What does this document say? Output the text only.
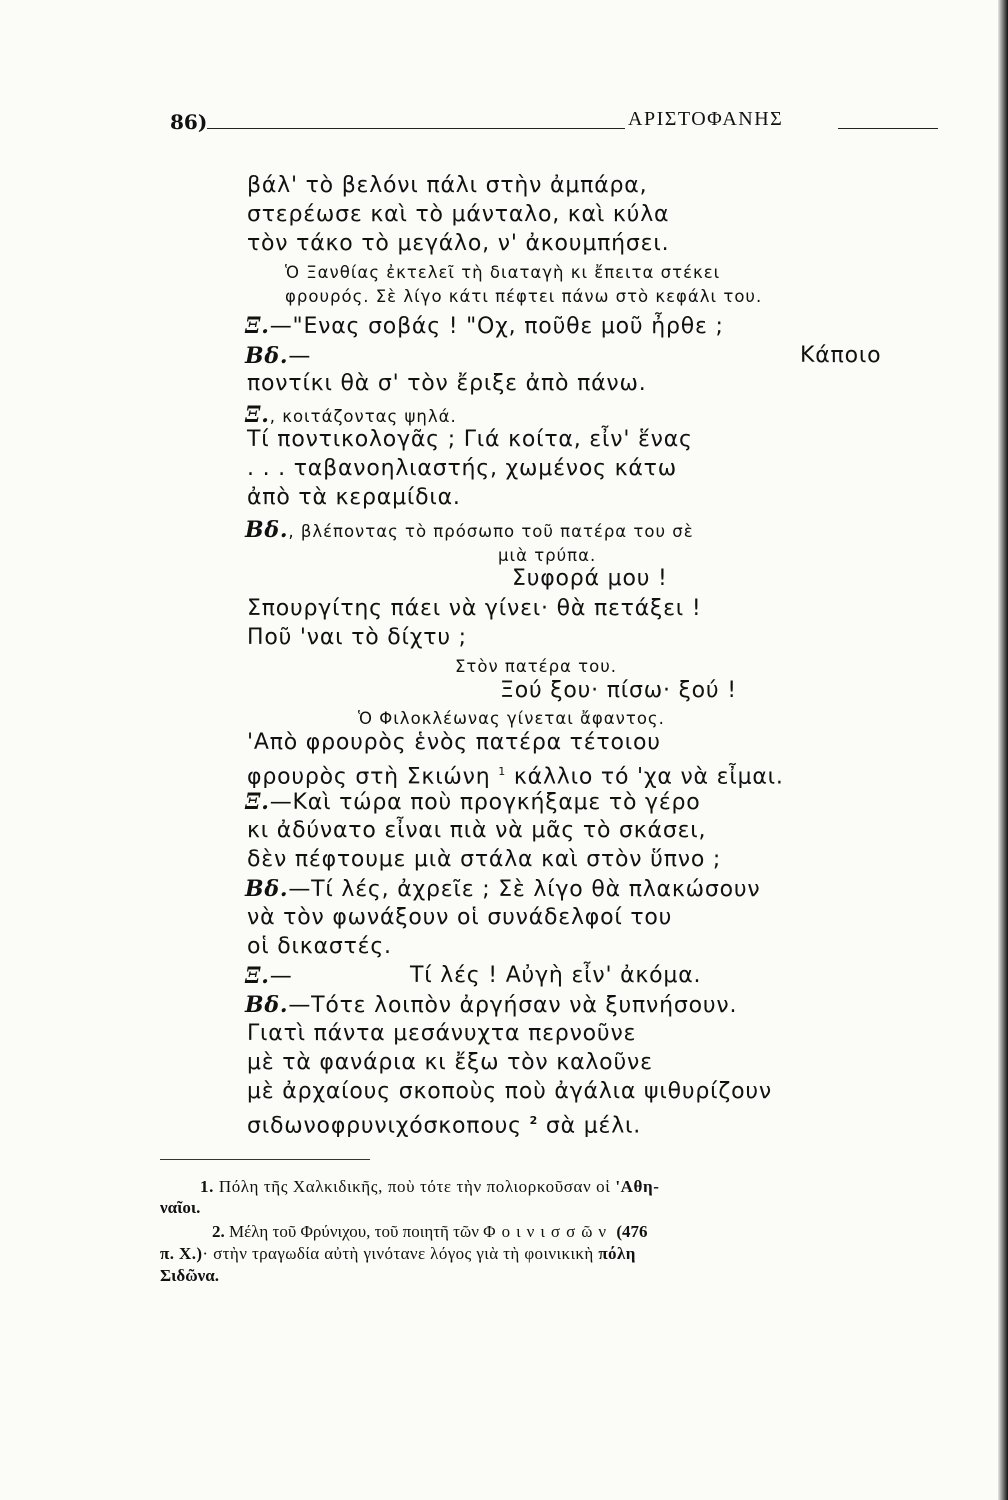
86)	ΑΡΙΣΤΟΦΑΝΗΣ
βάλ' τὸ βελόνι πάλι στὴν ἀμπάρα,
στερέωσε καὶ τὸ μάνταλο, καὶ κύλα
τὸν τάκο τὸ μεγάλο, ν' ἀκουμπήσει.
Ὁ Ξανθίας ἐκτελεῖ τὴ διαταγὴ κι ἔπειτα στέκει
φρουρός. Σὲ λίγο κάτι πέφτει πάνω στὸ κεφάλι του.
Ξ.—"Ενας σοβάς ! "Οχ, ποῦθε μοῦ ἦρθε ;
Βδ.—	Κάποιο
ποντίκι θὰ σ' τὸν ἔριξε ἀπὸ πάνω.
Ξ., κοιτάζοντας ψηλά.
Τί ποντικολογᾶς ; Γιά κοίτα, εἶν' ἕνας
. . . ταβανοηλιαστής, χωμένος κάτω
ἀπὸ τὰ κεραμίδια.
Βδ., βλέποντας τὸ πρόσωπο τοῦ πατέρα του σὲ
μιὰ τρύπα.
Συφορά μου !
Σπουργίτης πάει νὰ γίνει· θὰ πετάξει !
Ποῦ 'ναι τὸ δίχτυ ;
Στὸν πατέρα του.
Ξού ξου· πίσω· ξού !
Ὁ Φιλοκλέωνας γίνεται ἄφαντος.
'Απὸ φρουρὸς ἑνὸς πατέρα τέτοιου
φρουρὸς στὴ Σκιώνη $^1$ κάλλιο τό 'χα νὰ εἶμαι.
Ξ.—Καὶ τώρα ποὺ προγκήξαμε τὸ γέρο
κι ἀδύνατο εἶναι πιὰ νὰ μᾶς τὸ σκάσει,
δὲν πέφτουμε μιὰ στάλα καὶ στὸν ὕπνο ;
Βδ.—Τί λές, ἀχρεῖε ; Σὲ λίγο θὰ πλακώσουν
νὰ τὸν φωνάξουν οἱ συνάδελφοί του
οἱ δικαστές.
Ξ.—	Τί λές ! Αὐγὴ εἶν' ἀκόμα.
Βδ.—Τότε λοιπὸν ἀργήσαν νὰ ξυπνήσουν.
Γιατὶ πάντα μεσάνυχτα περνοῦνε
μὲ τὰ φανάρια κι ἔξω τὸν καλοῦνε
μὲ ἀρχαίους σκοποὺς ποὺ ἀγάλια ψιθυρίζουν
σιδωνοφρυνιχόσκοπους $^2$ σὰ μέλι.
1. Πόλη τῆς Χαλκιδικῆς, ποὺ τότε τὴν πολιορκοῦσαν οἱ 'Αθη-
ναῖοι.
2. Μέλη τοῦ Φρύνιχου, τοῦ ποιητῆ τῶν Φοινισσῶν (476
π. Χ.)· στὴν τραγωδία αὐτὴ γινότανε λόγος γιὰ τὴ φοινικικὴ πόλη
Σιδῶνα.
